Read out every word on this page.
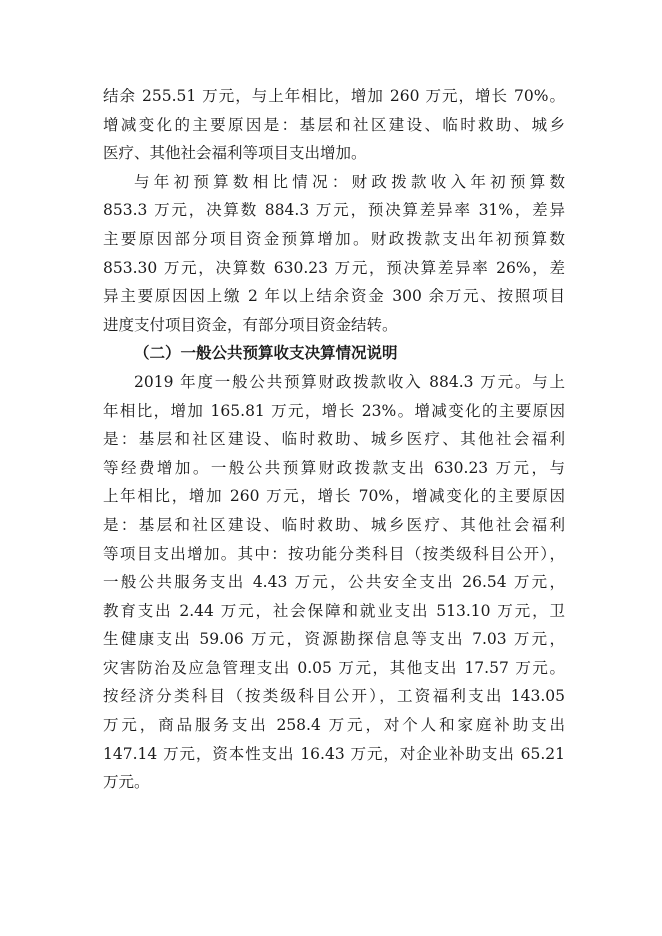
结余 255.51 万元，与上年相比，增加 260 万元，增长 70%。
增减变化的主要原因是：基层和社区建设、临时救助、城乡
医疗、其他社会福利等项目支出增加。
与年初预算数相比情况：财政拨款收入年初预算数
853.3 万元，决算数 884.3 万元，预决算差异率 31%，差异
主要原因部分项目资金预算增加。财政拨款支出年初预算数
853.30 万元，决算数 630.23 万元，预决算差异率 26%，差
异主要原因因上缴 2 年以上结余资金 300 余万元、按照项目
进度支付项目资金，有部分项目资金结转。
（二）一般公共预算收支决算情况说明
2019 年度一般公共预算财政拨款收入 884.3 万元。与上
年相比，增加 165.81 万元，增长 23%。增减变化的主要原因
是：基层和社区建设、临时救助、城乡医疗、其他社会福利
等经费增加。一般公共预算财政拨款支出 630.23 万元，与
上年相比，增加 260 万元，增长 70%，增减变化的主要原因
是：基层和社区建设、临时救助、城乡医疗、其他社会福利
等项目支出增加。其中：按功能分类科目（按类级科目公开），
一般公共服务支出 4.43 万元，公共安全支出 26.54 万元，
教育支出 2.44 万元，社会保障和就业支出 513.10 万元，卫
生健康支出 59.06 万元，资源勘探信息等支出 7.03 万元，
灾害防治及应急管理支出 0.05 万元，其他支出 17.57 万元。
按经济分类科目（按类级科目公开），工资福利支出 143.05
万元，商品服务支出 258.4 万元，对个人和家庭补助支出
147.14 万元，资本性支出 16.43 万元，对企业补助支出 65.21
万元。
